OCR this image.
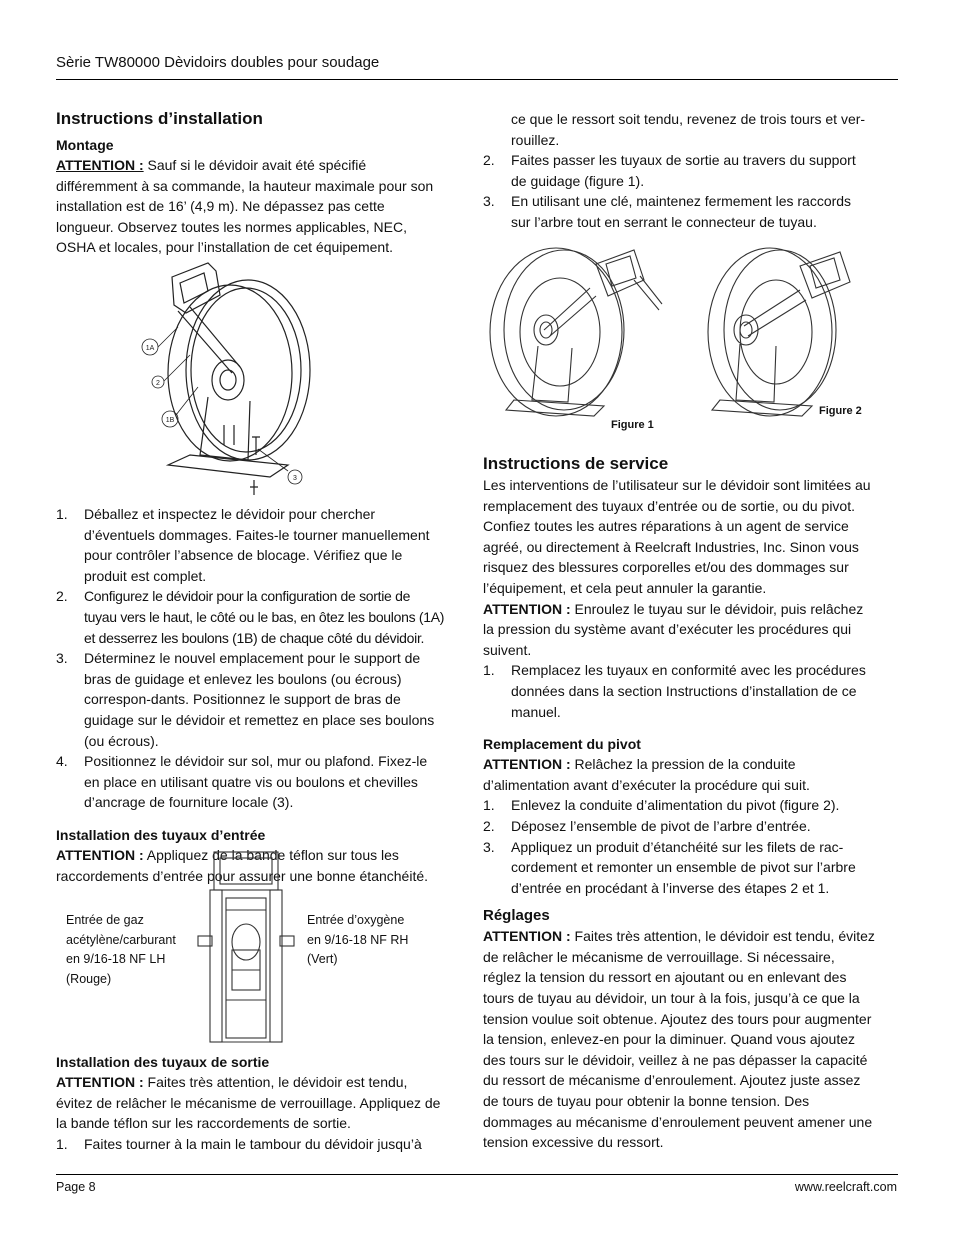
Sèrie TW80000 Dèvidoirs doubles pour soudage
Instructions d’installation
Montage

ATTENTION : Sauf si le dévidoir avait été spécifié différemment à sa commande, la hauteur maximale pour son installation est de 16’ (4,9 m). Ne dépassez pas cette longueur. Observez toutes les normes applicables, NEC, OSHA et locales, pour l’installation de cet équipement.

1A
2
1B
3
1. Déballez et inspectez le dévidoir pour chercher d’éventuels dommages. Faites-le tourner manuellement pour contrôler l’absence de blocage. Vérifiez que le produit est complet.
2. Configurez le dévidoir pour la configuration de sortie de tuyau vers le haut, le côté ou le bas, en ôtez les boulons (1A) et desserrez les boulons (1B) de chaque côté du dévidoir.
3. Déterminez le nouvel emplacement pour le support de bras de guidage et enlevez les boulons (ou écrous) correspon-dants. Positionnez le support de bras de guidage sur le dévidoir et remettez en place ses boulons (ou écrous).
4. Positionnez le dévidoir sur sol, mur ou plafond. Fixez-le en place en utilisant quatre vis ou boulons et chevilles d’ancrage de fourniture locale (3).
Installation des tuyaux d’entrée

ATTENTION : Appliquez de la bande téflon sur tous les raccordements d’entrée pour assurer une bonne étanchéité.

Entrée de gaz acétylène/carburant en 9/16-18 NF LH (Rouge)
Entrée d’oxygène en 9/16-18 NF RH (Vert)
Installation des tuyaux de sortie

ATTENTION : Faites très attention, le dévidoir est tendu, évitez de relâcher le mécanisme de verrouillage. Appliquez de la bande téflon sur les raccordements de sortie.

1. Faites tourner à la main le tambour du dévidoir jusqu’à

ce que le ressort soit tendu, revenez de trois tours et ver-rouillez.

2. Faites passer les tuyaux de sortie au travers du support de guidage (figure 1).
3. En utilisant une clé, maintenez fermement les raccords sur l’arbre tout en serrant le connecteur de tuyau.
Figure 1
Figure 2
Instructions de service

Les interventions de l’utilisateur sur le dévidoir sont limitées au remplacement des tuyaux d’entrée ou de sortie, ou du pivot. Confiez toutes les autres réparations à un agent de service agréé, ou directement à Reelcraft Industries, Inc. Sinon vous risquez des blessures corporelles et/ou des dommages sur l’équipement, et cela peut annuler la garantie.

ATTENTION : Enroulez le tuyau sur le dévidoir, puis relâchez la pression du système avant d’exécuter les procédures qui suivent.

1. Remplacez les tuyaux en conformité avec les procédures données dans la section Instructions d’installation de ce manuel.
Remplacement du pivot

ATTENTION : Relâchez la pression de la conduite d’alimentation avant d’exécuter la procédure qui suit.

1. Enlevez la conduite d’alimentation du pivot (figure 2).
2. Déposez l’ensemble de pivot de l’arbre d’entrée.
3. Appliquez un produit d’étanchéité sur les filets de rac-cordement et remonter un ensemble de pivot sur l’arbre d’entrée en procédant à l’inverse des étapes 2 et 1.
Réglages

ATTENTION : Faites très attention, le dévidoir est tendu, évitez de relâcher le mécanisme de verrouillage. Si nécessaire, réglez la tension du ressort en ajoutant ou en enlevant des tours de tuyau au dévidoir, un tour à la fois, jusqu’à ce que la tension voulue soit obtenue. Ajoutez des tours pour augmenter la tension, enlevez-en pour la diminuer. Quand vous ajoutez des tours sur le dévidoir, veillez à ne pas dépasser la capacité du ressort de mécanisme d’enroulement. Ajoutez juste assez de tours de tuyau pour obtenir la bonne tension. Des dommages au mécanisme d’enroulement peuvent amener une tension excessive du ressort.

Page 8	www.reelcraft.com
